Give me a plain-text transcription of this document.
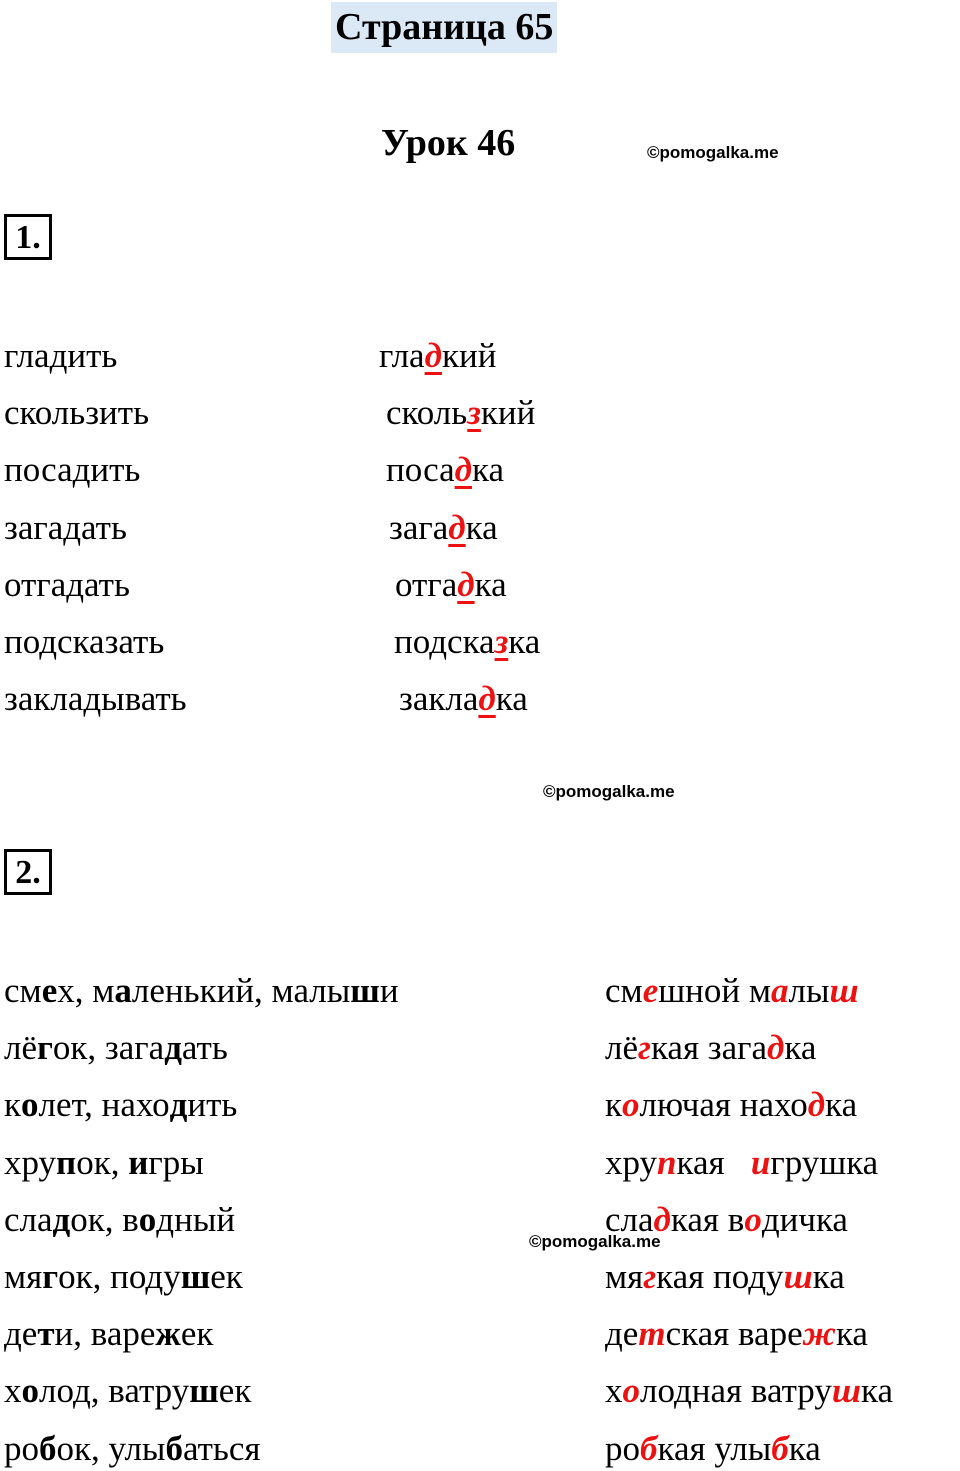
Страница 65
Урок 46	©pomogalka.me
1.
гладить	гладкий
скользить	скользкий
посадить	посадка
загадать	загадка
отгадать	отгадка
подсказать	подсказка
закладывать	закладка
©pomogalka.me
2.
смех, маленький, малыши	смешной малыш
лёгок, загадать	лёгкая загадка
колет, находить	колючая находка
хрупок, игры	хрупкая   игрушка
сладок, водный	сладкая водичка
мягок, подушек	мягкая подушка
дети, варежек	детская варежка
холод, ватрушек	холодная ватрушка
робок, улыбаться	робкая улыбка
©pomogalka.me
